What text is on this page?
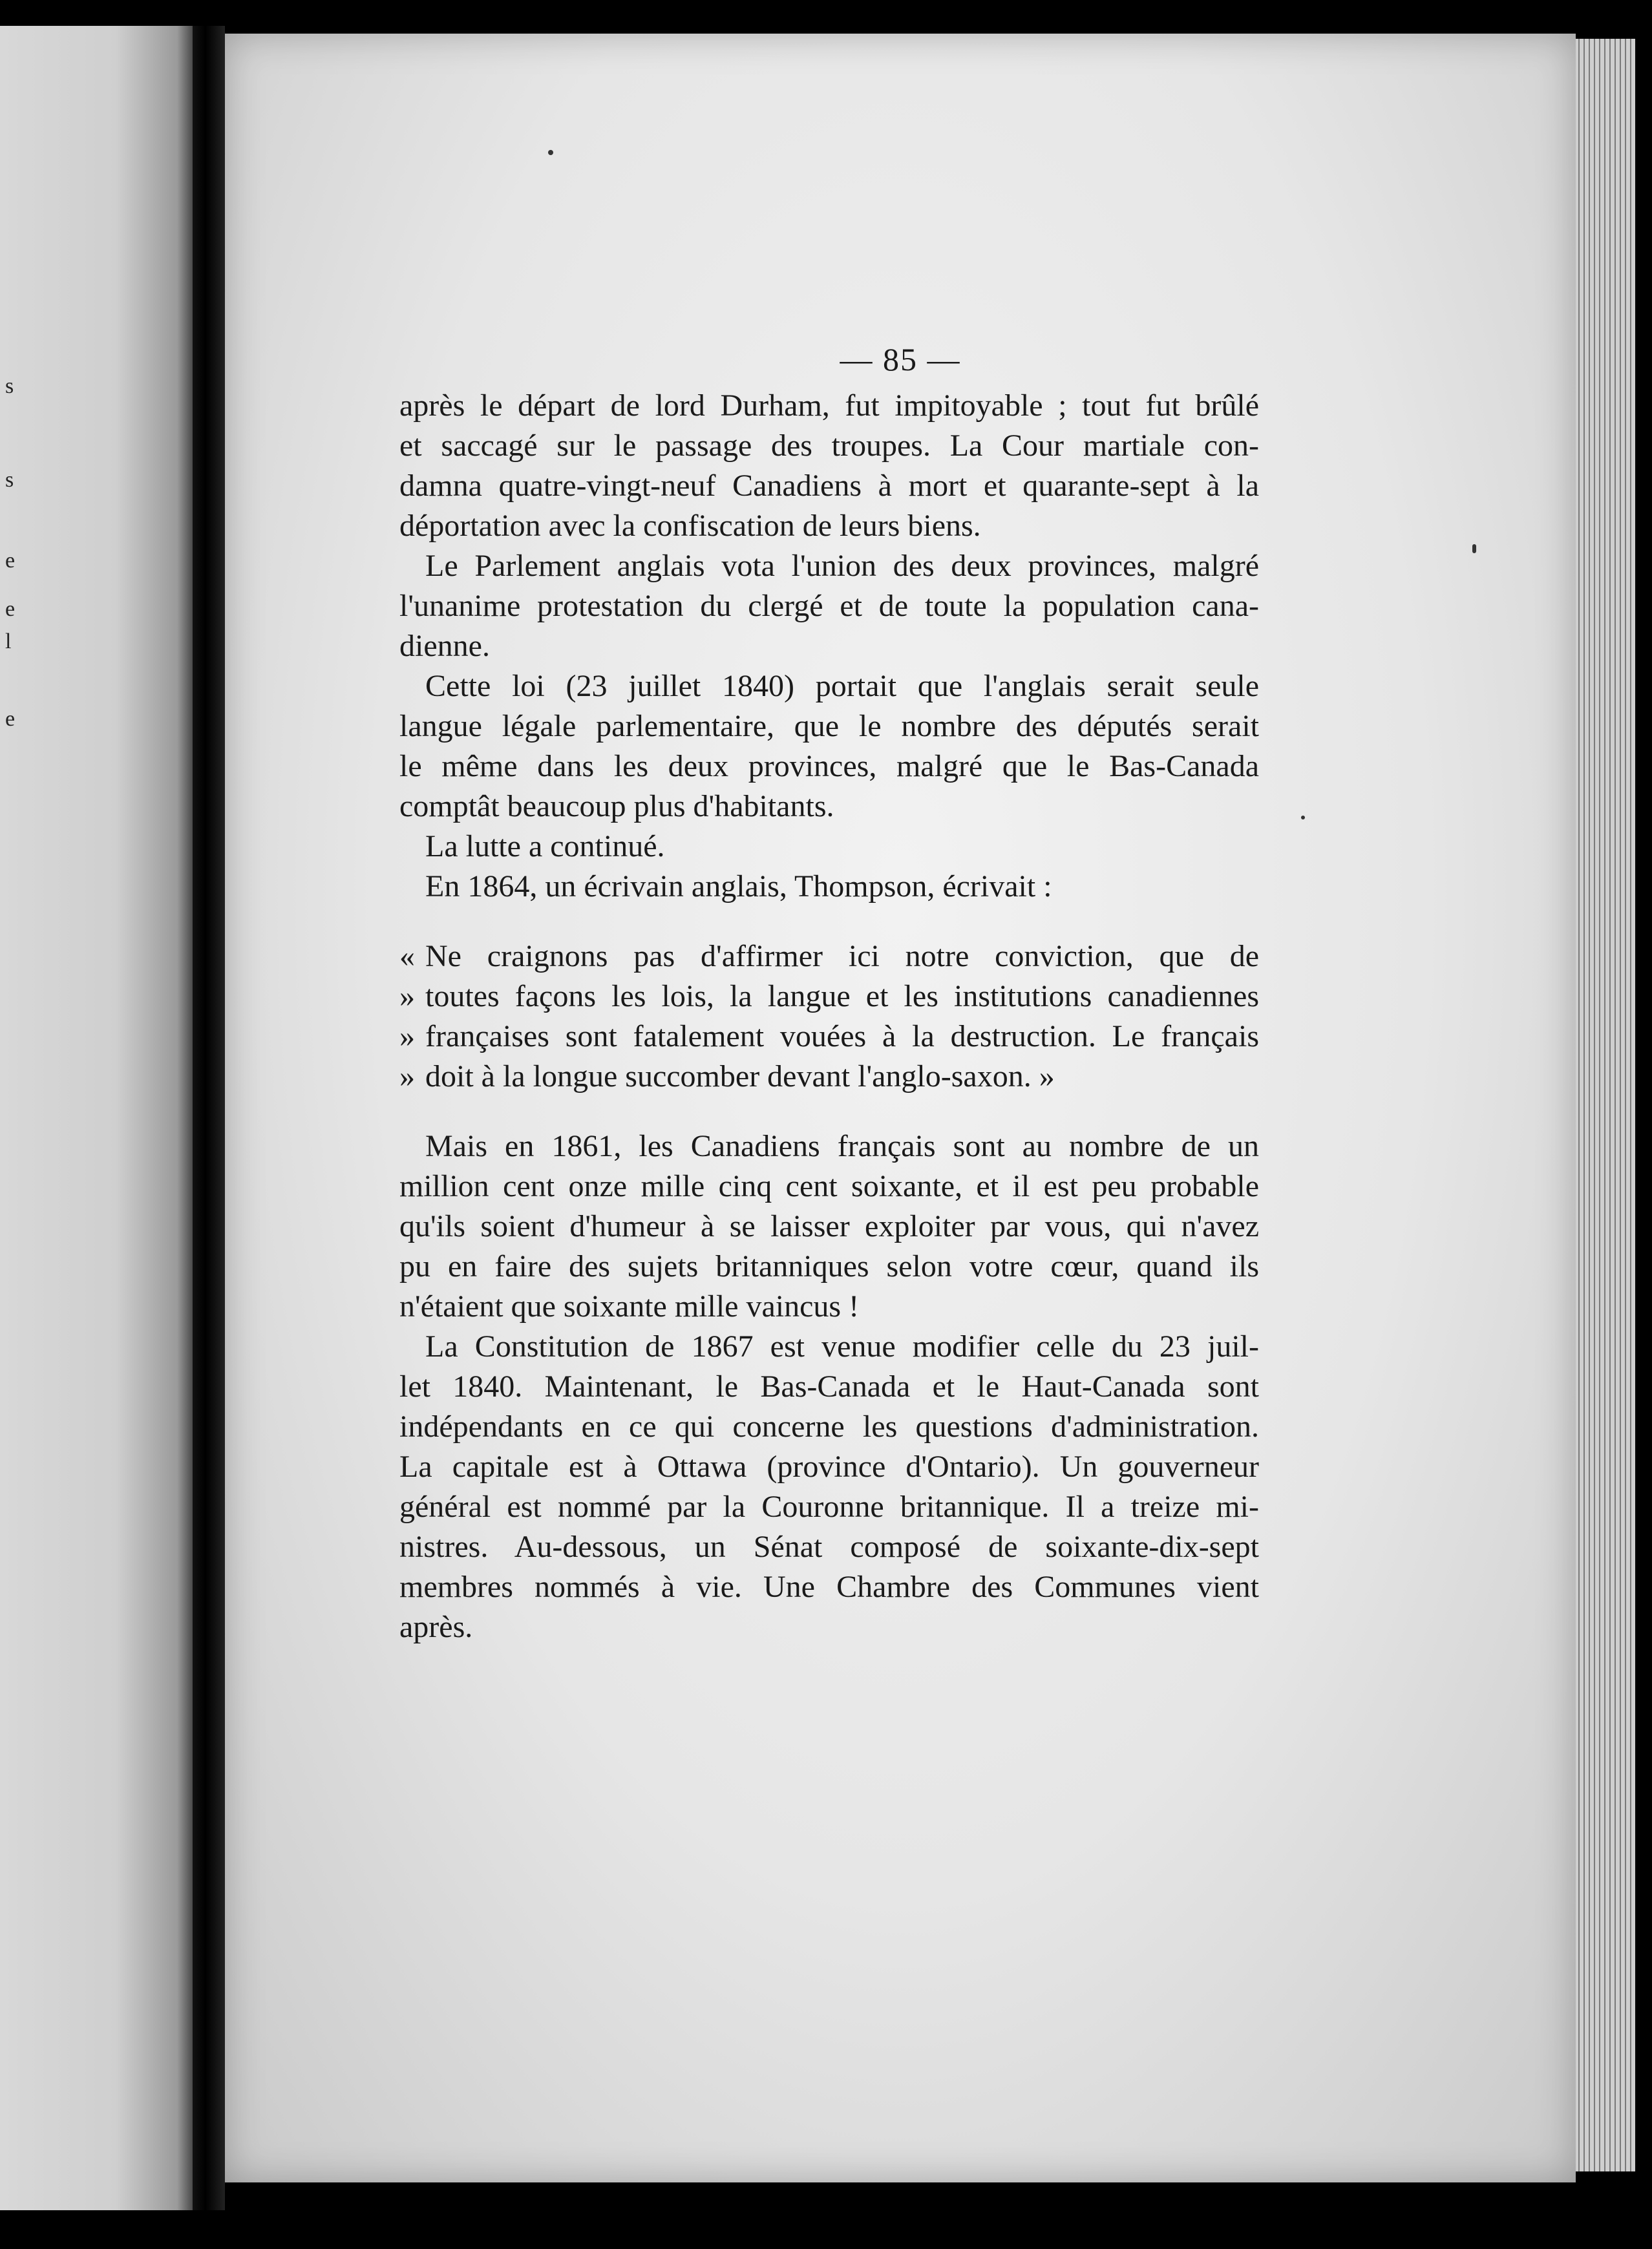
s
s
e
e
l
e
— 85 —
après le départ de lord Durham, fut impitoyable ; tout fut brûlé
et saccagé sur le passage des troupes. La Cour martiale con-
damna quatre-vingt-neuf Canadiens à mort et quarante-sept à la
déportation avec la confiscation de leurs biens.
Le Parlement anglais vota l'union des deux provinces, malgré
l'unanime protestation du clergé et de toute la population cana-
dienne.
Cette loi (23 juillet 1840) portait que l'anglais serait seule
langue légale parlementaire, que le nombre des députés serait
le même dans les deux provinces, malgré que le Bas-Canada
comptât beaucoup plus d'habitants.
La lutte a continué.
En 1864, un écrivain anglais, Thompson, écrivait :
« Ne craignons pas d'affirmer ici notre conviction, que de
» toutes façons les lois, la langue et les institutions canadiennes
» françaises sont fatalement vouées à la destruction. Le français
» doit à la longue succomber devant l'anglo-saxon. »
Mais en 1861, les Canadiens français sont au nombre de un
million cent onze mille cinq cent soixante, et il est peu probable
qu'ils soient d'humeur à se laisser exploiter par vous, qui n'avez
pu en faire des sujets britanniques selon votre cœur, quand ils
n'étaient que soixante mille vaincus !
La Constitution de 1867 est venue modifier celle du 23 juil-
let 1840. Maintenant, le Bas-Canada et le Haut-Canada sont
indépendants en ce qui concerne les questions d'administration.
La capitale est à Ottawa (province d'Ontario). Un gouverneur
général est nommé par la Couronne britannique. Il a treize mi-
nistres. Au-dessous, un Sénat composé de soixante-dix-sept
membres nommés à vie. Une Chambre des Communes vient
après.
